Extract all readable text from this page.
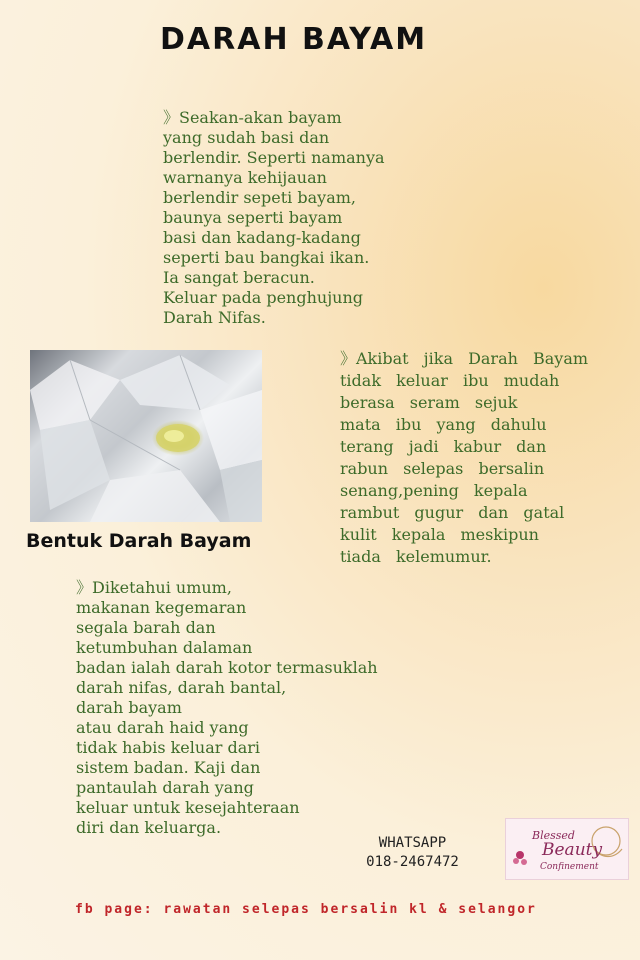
DARAH BAYAM
》Seakan-akan bayam
yang sudah basi dan
berlendir. Seperti namanya
warnanya kehijauan
berlendir sepeti bayam,
baunya seperti bayam
basi dan kadang-kadang
seperti bau bangkai ikan.
Ia sangat beracun.
Keluar pada penghujung
Darah Nifas.
Bentuk Darah Bayam
》Akibat jika Darah Bayam
tidak keluar ibu mudah
berasa seram sejuk
mata ibu yang dahulu
terang jadi kabur dan
rabun selepas bersalin
senang,pening kepala
rambut gugur dan gatal
kulit kepala meskipun
tiada kelemumur.
》Diketahui umum,
makanan kegemaran
segala barah dan
ketumbuhan dalaman
badan ialah darah kotor termasuklah
darah nifas, darah bantal,
darah bayam
atau darah haid yang
tidak habis keluar dari
sistem badan. Kaji dan
pantaulah darah yang
keluar untuk kesejahteraan
diri dan keluarga.
WHATSAPP
018-2467472
Blessed
Beauty
Confinement
fb page: rawatan selepas bersalin kl & selangor
